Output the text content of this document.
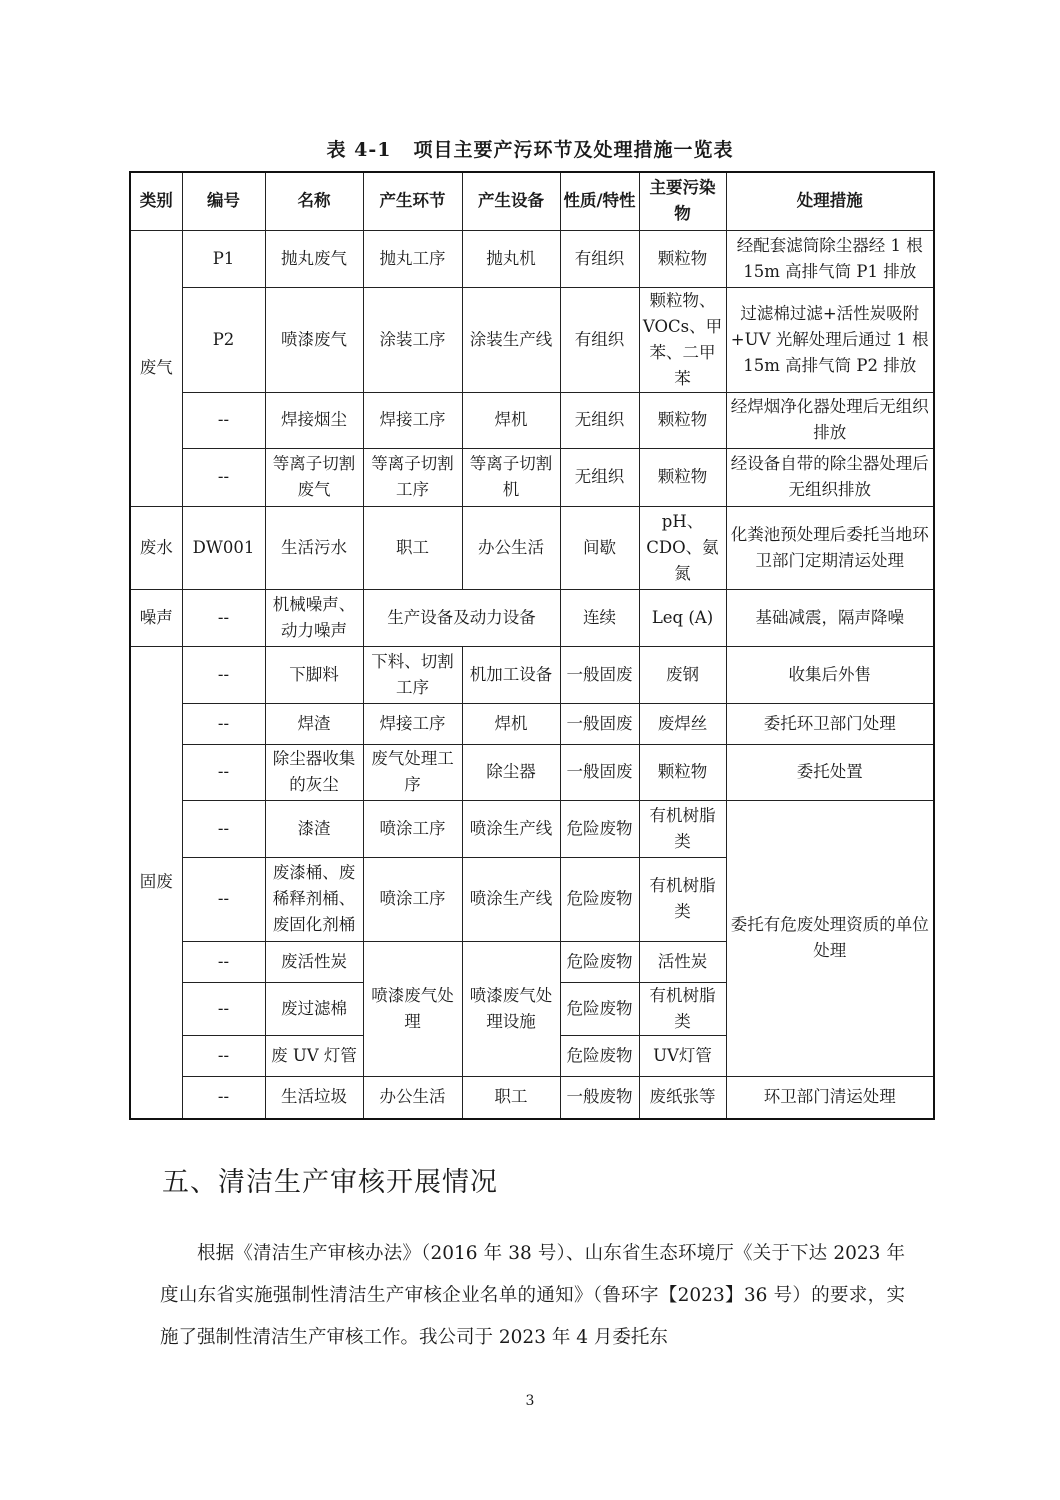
表 4-1 项目主要产污环节及处理措施一览表
类别	编号	名称	产生环节	产生设备	性质/特性	主要污染物	处理措施
废气	P1	抛丸废气	抛丸工序	抛丸机	有组织	颗粒物	经配套滤筒除尘器经 1 根 15m 高排气筒 P1 排放
	P2	喷漆废气	涂装工序	涂装生产线	有组织	颗粒物、VOCs、甲苯、二甲苯	过滤棉过滤+活性炭吸附+UV 光解处理后通过 1 根 15m 高排气筒 P2 排放
	--	焊接烟尘	焊接工序	焊机	无组织	颗粒物	经焊烟净化器处理后无组织排放
	--	等离子切割废气	等离子切割工序	等离子切割机	无组织	颗粒物	经设备自带的除尘器处理后无组织排放
废水	DW001	生活污水	职工	办公生活	间歇	pH、CDO、氨氮	化粪池预处理后委托当地环卫部门定期清运处理
噪声	--	机械噪声、动力噪声	生产设备及动力设备		连续	Leq (A)	基础减震，隔声降噪
固废	--	下脚料	下料、切割工序	机加工设备	一般固废	废钢	收集后外售
	--	焊渣	焊接工序	焊机	一般固废	废焊丝	委托环卫部门处理
	--	除尘器收集的灰尘	废气处理工序	除尘器	一般固废	颗粒物	委托处置
	--	漆渣	喷涂工序	喷涂生产线	危险废物	有机树脂类	委托有危废处理资质的单位处理
	--	废漆桶、废稀释剂桶、废固化剂桶	喷涂工序	喷涂生产线	危险废物	有机树脂类	
	--	废活性炭	喷漆废气处理	喷漆废气处理设施	危险废物	活性炭	
	--	废过滤棉			危险废物	有机树脂类	
	--	废 UV 灯管			危险废物	UV灯管	
	--	生活垃圾	办公生活	职工	一般废物	废纸张等	环卫部门清运处理
五、清洁生产审核开展情况
根据《清洁生产审核办法》（2016 年 38 号）、山东省生态环境厅《关于下达 2023 年度山东省实施强制性清洁生产审核企业名单的通知》（鲁环字【2023】36 号）的要求，实施了强制性清洁生产审核工作。我公司于 2023 年 4 月委托东
3
